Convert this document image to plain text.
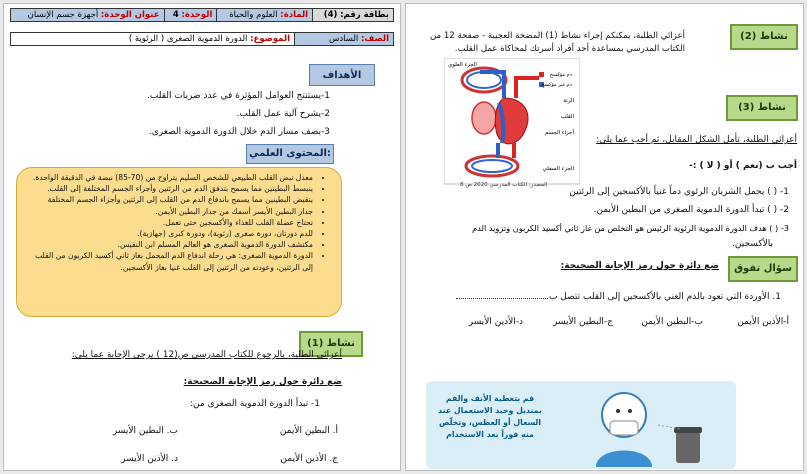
بطاقة رقم: (4)	المادة: العلوم والحياة	الوحدة: 4	عنوان الوحدة: أجهزة جسم الإنسان
الصف: السادس	الموضوع: الدورة الدموية الصغرى ( الرئوية )
الأهداف
1-يستنتج العوامل المؤثرة في عدد ضربات القلب.
2-يشرح آلية عمل القلب.
3-يصف مسار الدم خلال الدورة الدموية الصغرى.
المحتوى العلمي:
• معدل نبض القلب الطبيعي للشخص السليم يتراوح من (70-85) نبضة في الدقيقة الواحدة.
• ينبسط البطينين مما يسمح بتدفق الدم من الرئتين وأجزاء الجسم المختلفة إلى القلب.
• ينقبض البطينين مما يسمح باندفاع الدم من القلب إلى الرئتين وأجزاء الجسم المختلفة
• جدار البطين الأيسر أسمك من جدار البطين الأيمن.
• تحتاج عضلة القلب للغذاء والأكسجين حتى تعمل.
• للدم دورتان، دورة صغرى (رئوية)، ودورة كبرى (جهازية).
• مكتشف الدورة الدموية الصغرى هو العالم المسلم ابن النفيس.
• الدورة الدموية الصغرى: هي رحلة اندفاع الدم المحمل بغاز ثاني أكسيد الكربون من القلب إلى الرئتين، وعودته من الرئتين إلى القلب غنيا بغاز الأكسجين.
نشاط (1)
أعزائي الطلبة، بالرجوع للكتاب المدرسي ص(12 ) يرجى الإجابة عما يلي:
ضع دائرة حول رمز الإجابة الصحيحة:
1- تبدأ الدورة الدموية الصغرى من:
أ. البطين الأيمن
ب. البطين الأيسر
ج. الأذين الأيمن
د. الأذين الأيسر
نشاط (2)
أعزائي الطلبة، يمكنكم إجراء نشاط (1) المضخة العجيبة - صفحة 12 من الكتاب المدرسي بمساعدة أحد أفراد أسرتك لمحاكاة عمل القلب.
دم مؤكسج
دم غير مؤكسج
الرئة
القلب
أجزاء الجسم
الجزء السفلي
الجزء العلوي
المصدر: الكتاب المدرسي 2020 ص 8
نشاط (3)
أعزائي الطلبة، تأمل الشكل المقابل، ثم أجب عما يلي:
أجب ب (نعم ) أو ( لا ) :-
1- ( ) يحمل الشريان الرئوي دماً غنياً بالأكسجين إلى الرئتين
2- ( ) تبدأ الدورة الدموية الصغرى من البطين الأيمن.
3- ( ) هدف الدورة الدموية الرئوية الرئيس هو التخلص من غاز ثاني أكسيد الكربون وتزويد الدم
بالأكسجين.
سؤال تفوق
ضع دائرة حول رمز الإجابة الصحيحة:
1. الأوردة التي تعود بالدم الغني بالأكسجين إلى القلب تتصل ب.
أ-الأذين الأيمن
ب-البطين الأيمن
ج-البطين الأيسر
د-الأذين الأيسر
قم بتغطية الأنف والفم
بمنديل وحيد الاستعمال عند
السعال أو العطس، وتخلّص
منه فوراً بعد الاستخدام
